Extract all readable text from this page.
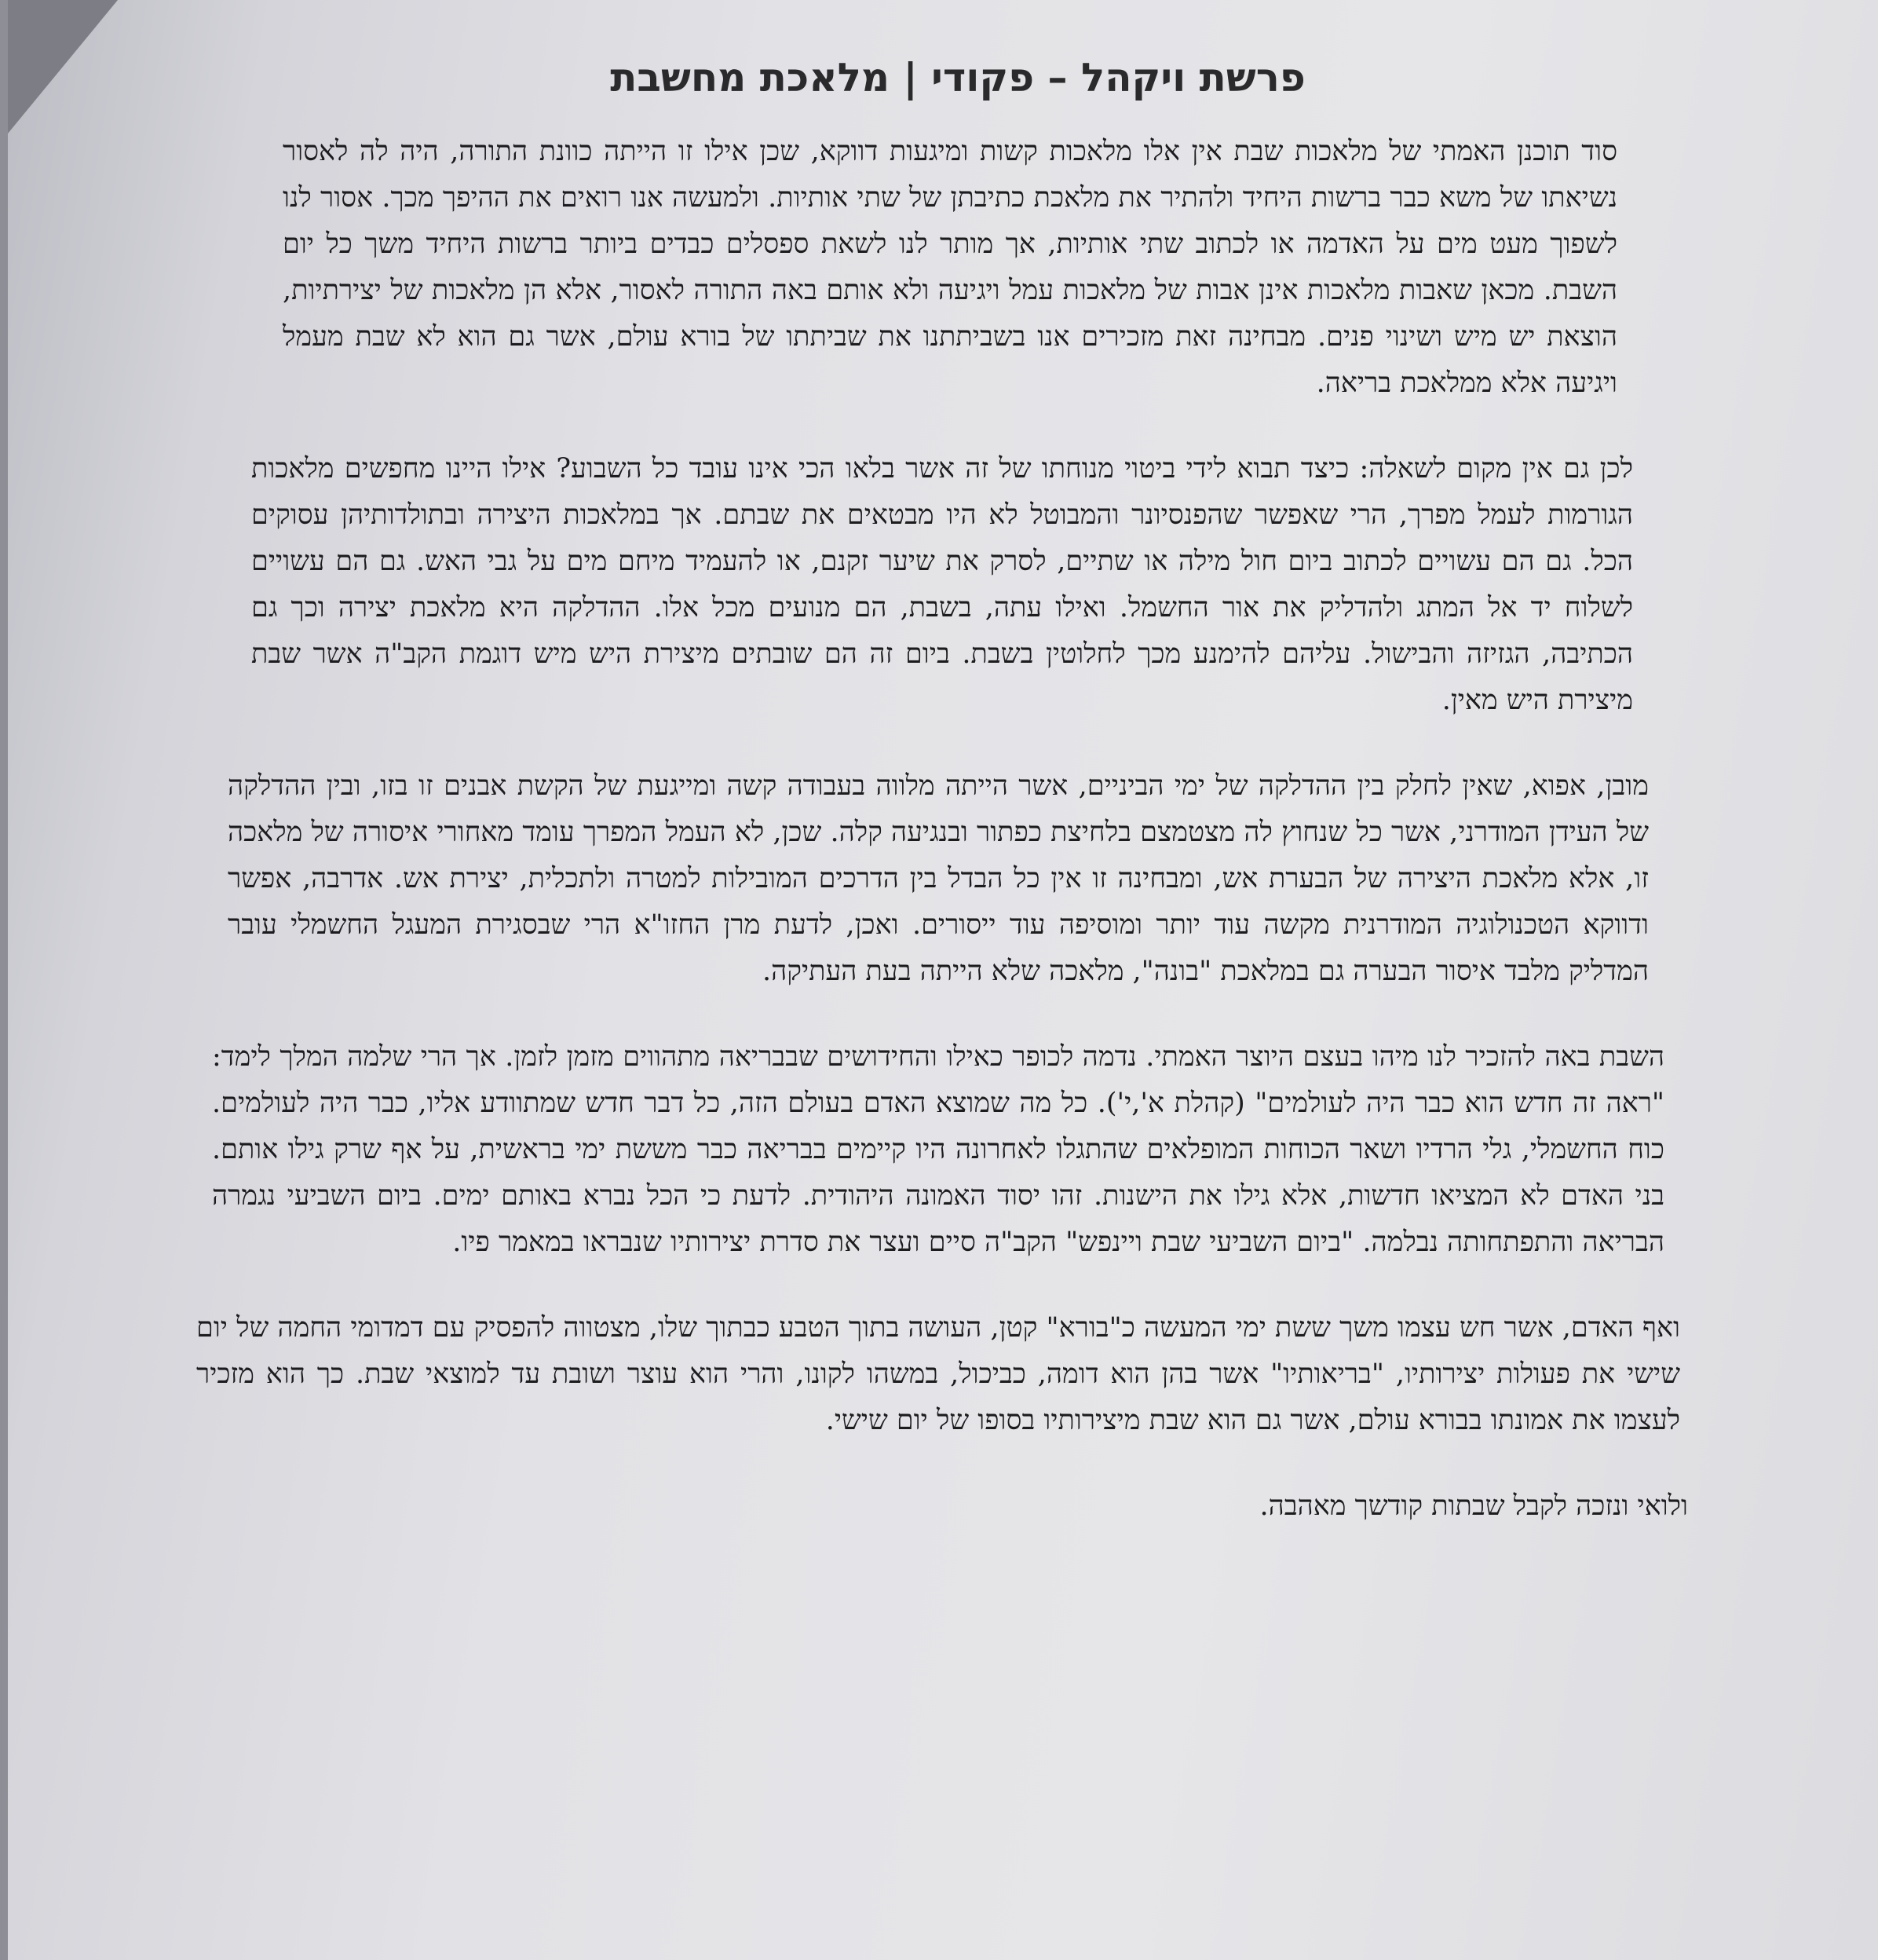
פרשת ויקהל – פקודי | מלאכת מחשבת

סוד תוכנן האמתי של מלאכות שבת אין אלו מלאכות קשות ומיגעות דווקא, שכן אילו זו הייתה כוונת התורה, היה לה לאסור נשיאתו של משא כבר ברשות היחיד ולהתיר את מלאכת כתיבתן של שתי אותיות. ולמעשה אנו רואים את ההיפך מכך. אסור לנו לשפוך מעט מים על האדמה או לכתוב שתי אותיות, אך מותר לנו לשאת ספסלים כבדים ביותר ברשות היחיד משך כל יום השבת. מכאן שאבות מלאכות אינן אבות של מלאכות עמל ויגיעה ולא אותם באה התורה לאסור, אלא הן מלאכות של יצירתיות, הוצאת יש מיש ושינוי פנים. מבחינה זאת מזכירים אנו בשביתתנו את שביתתו של בורא עולם, אשר גם הוא לא שבת מעמל ויגיעה אלא ממלאכת בריאה.

לכן גם אין מקום לשאלה: כיצד תבוא לידי ביטוי מנוחתו של זה אשר בלאו הכי אינו עובד כל השבוע? אילו היינו מחפשים מלאכות הגורמות לעמל מפרך, הרי שאפשר שהפנסיונר והמבוטל לא היו מבטאים את שבתם. אך במלאכות היצירה ובתולדותיהן עסוקים הכל. גם הם עשויים לכתוב ביום חול מילה או שתיים, לסרק את שיער זקנם, או להעמיד מיחם מים על גבי האש. גם הם עשויים לשלוח יד אל המתג ולהדליק את אור החשמל. ואילו עתה, בשבת, הם מנועים מכל אלו. ההדלקה היא מלאכת יצירה וכך גם הכתיבה, הגזיזה והבישול. עליהם להימנע מכך לחלוטין בשבת. ביום זה הם שובתים מיצירת היש מיש דוגמת הקב"ה אשר שבת מיצירת היש מאין.

מובן, אפוא, שאין לחלק בין ההדלקה של ימי הביניים, אשר הייתה מלווה בעבודה קשה ומייגעת של הקשת אבנים זו בזו, ובין ההדלקה של העידן המודרני, אשר כל שנחוץ לה מצטמצם בלחיצת כפתור ובנגיעה קלה. שכן, לא העמל המפרך עומד מאחורי איסורה של מלאכה זו, אלא מלאכת היצירה של הבערת אש, ומבחינה זו אין כל הבדל בין הדרכים המובילות למטרה ולתכלית, יצירת אש. אדרבה, אפשר ודווקא הטכנולוגיה המודרנית מקשה עוד יותר ומוסיפה עוד ייסורים. ואכן, לדעת מרן החזו"א הרי שבסגירת המעגל החשמלי עובר המדליק מלבד איסור הבערה גם במלאכת "בונה", מלאכה שלא הייתה בעת העתיקה.

השבת באה להזכיר לנו מיהו בעצם היוצר האמתי. נדמה לכופר כאילו והחידושים שבבריאה מתהווים מזמן לזמן. אך הרי שלמה המלך לימד: "ראה זה חדש הוא כבר היה לעולמים" (קהלת א',י'). כל מה שמוצא האדם בעולם הזה, כל דבר חדש שמתוודע אליו, כבר היה לעולמים. כוח החשמלי, גלי הרדיו ושאר הכוחות המופלאים שהתגלו לאחרונה היו קיימים בבריאה כבר מששת ימי בראשית, על אף שרק גילו אותם. בני האדם לא המציאו חדשות, אלא גילו את הישנות. זהו יסוד האמונה היהודית. לדעת כי הכל נברא באותם ימים. ביום השביעי נגמרה הבריאה והתפתחותה נבלמה. "ביום השביעי שבת ויינפש" הקב"ה סיים ועצר את סדרת יצירותיו שנבראו במאמר פיו.

ואף האדם, אשר חש עצמו משך ששת ימי המעשה כ"בורא" קטן, העושה בתוך הטבע כבתוך שלו, מצטווה להפסיק עם דמדומי החמה של יום שישי את פעולות יצירותיו, "בריאותיו" אשר בהן הוא דומה, כביכול, במשהו לקונו, והרי הוא עוצר ושובת עד למוצאי שבת. כך הוא מזכיר לעצמו את אמונתו בבורא עולם, אשר גם הוא שבת מיצירותיו בסופו של יום שישי.

ולואי ונזכה לקבל שבתות קודשך מאהבה.
